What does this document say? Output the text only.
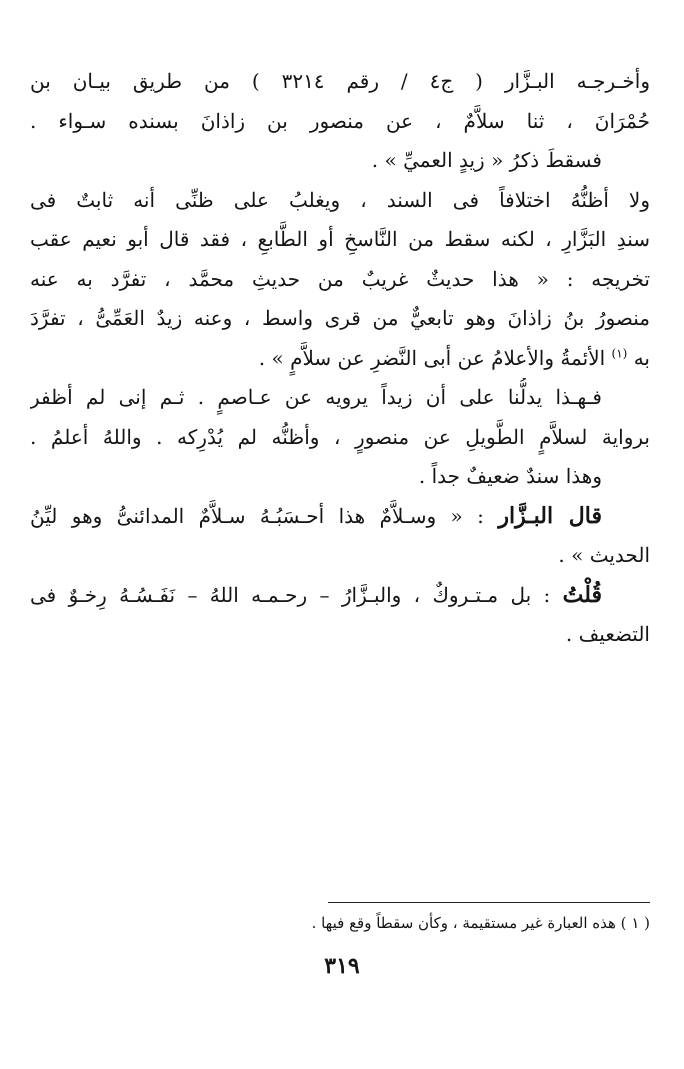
وأخـرجـه البـزَّار ( ج٤ / رقم ٣٢١٤ ) من طريق بيـان بن
حُمْرَانَ ، ثنا سلاَّمٌ ، عن منصور بن زاذانَ بسنده سـواء .
فسقطَ ذكرُ « زيدٍ العميِّ » .
ولا أظنُّهُ اختلافاً فى السند ، ويغلبُ على ظنِّى أنه ثابتٌ فى
سندِ البَزَّارِ ، لكنه سقط من النَّاسخِ أو الطَّابعِ ، فقد قال أبو نعيم عقب
تخريجه : « هذا حديثٌ غريبٌ من حديثِ محمَّد ، تفرَّد به عنه
منصورُ بنُ زاذانَ وهو تابعيٌّ من قرى واسط ، وعنه زيدٌ العَمِّىُّ ، تفرَّدَ
به $^{(١)}$ الأئمةُ والأعلامُ عن أبى النَّضرِ عن سلاَّمٍ » .
فـهـذا يدلُّنا على أن زيداً يرويه عن عـاصمٍ . ثـم إنى لم أظفر
برواية لسلاَّمٍ الطَّويلِ عن منصورٍ ، وأظنُّه لم يُدْرِكه . واللهُ أعلمُ .
وهذا سندٌ ضعيفٌ جداً .
قال البـزَّار : « وسـلاَّمٌ هذا أحـسَبُـهُ سـلاَّمٌ المدائنىُّ وهو ليِّنُ
الحديث » .
قُلْتُ : بل مـتـروكٌ ، والبـزَّارُ – رحـمـه اللهُ – نَفَـسُـهُ رِخـوٌ فى
التضعيف .

( ١ ) هذه العبارة غير مستقيمة ، وكأن سقطاً وقع فيها .

٣١٩
